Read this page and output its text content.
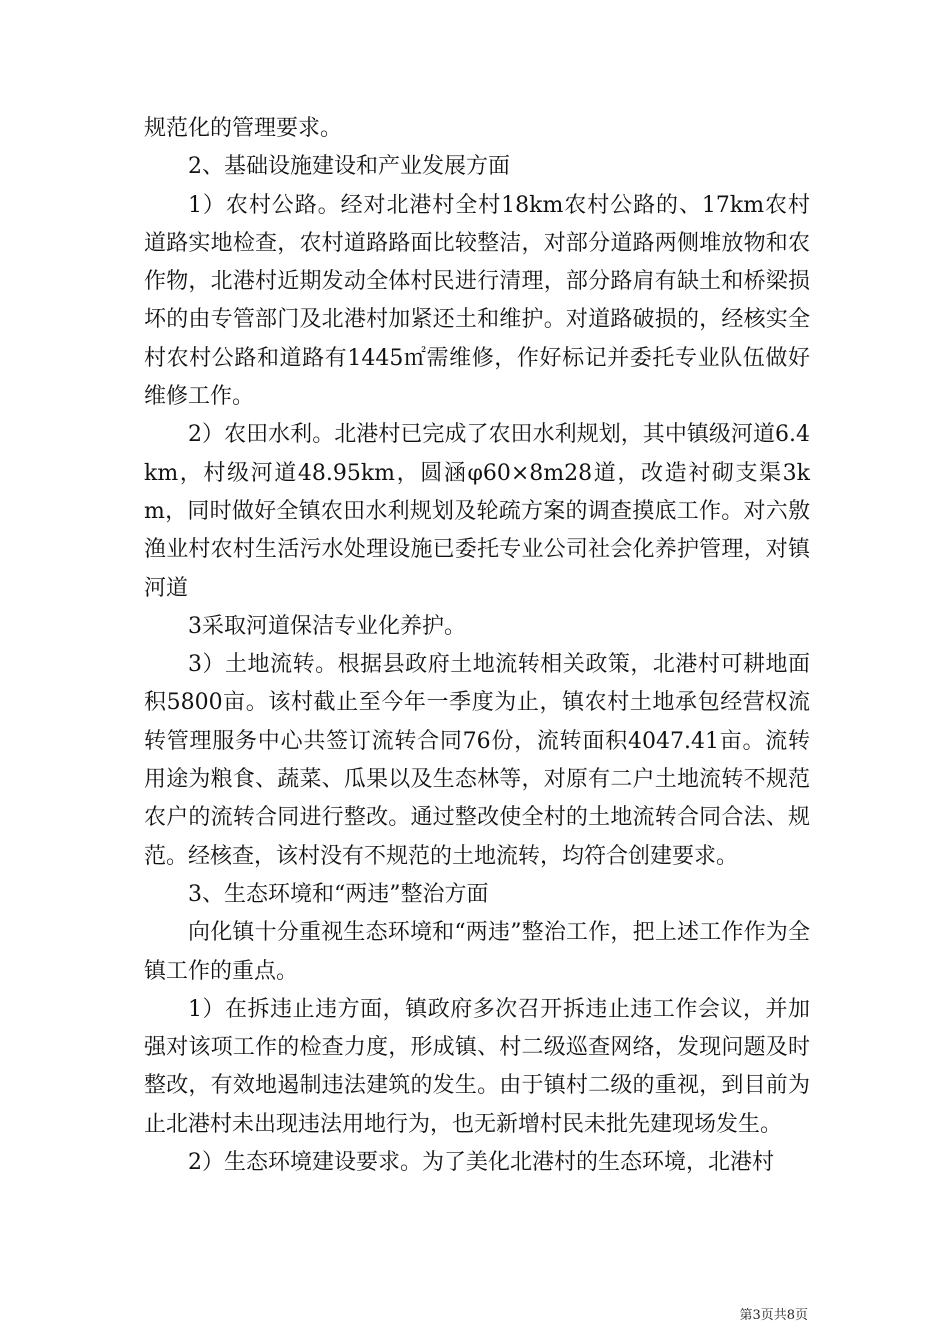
规范化的管理要求。

2、基础设施建设和产业发展方面

1）农村公路。经对北港村全村18km农村公路的、17km农村道路实地检查，农村道路路面比较整洁，对部分道路两侧堆放物和农作物，北港村近期发动全体村民进行清理，部分路肩有缺土和桥梁损坏的由专管部门及北港村加紧还土和维护。对道路破损的，经核实全村农村公路和道路有1445㎡需维修，作好标记并委托专业队伍做好维修工作。

2）农田水利。北港村已完成了农田水利规划，其中镇级河道6.4km，村级河道48.95km，圆涵φ60×8m28道，改造衬砌支渠3km，同时做好全镇农田水利规划及轮疏方案的调查摸底工作。对六敫渔业村农村生活污水处理设施已委托专业公司社会化养护管理，对镇河道

3采取河道保洁专业化养护。

3）土地流转。根据县政府土地流转相关政策，北港村可耕地面积5800亩。该村截止至今年一季度为止，镇农村土地承包经营权流转管理服务中心共签订流转合同76份，流转面积4047.41亩。流转用途为粮食、蔬菜、瓜果以及生态林等，对原有二户土地流转不规范农户的流转合同进行整改。通过整改使全村的土地流转合同合法、规范。经核查，该村没有不规范的土地流转，均符合创建要求。

3、生态环境和“两违”整治方面

向化镇十分重视生态环境和“两违”整治工作，把上述工作作为全镇工作的重点。

1）在拆违止违方面，镇政府多次召开拆违止违工作会议，并加强对该项工作的检查力度，形成镇、村二级巡查网络，发现问题及时整改，有效地遏制违法建筑的发生。由于镇村二级的重视，到目前为止北港村未出现违法用地行为，也无新增村民未批先建现场发生。

2）生态环境建设要求。为了美化北港村的生态环境，北港村

第3页共8页
